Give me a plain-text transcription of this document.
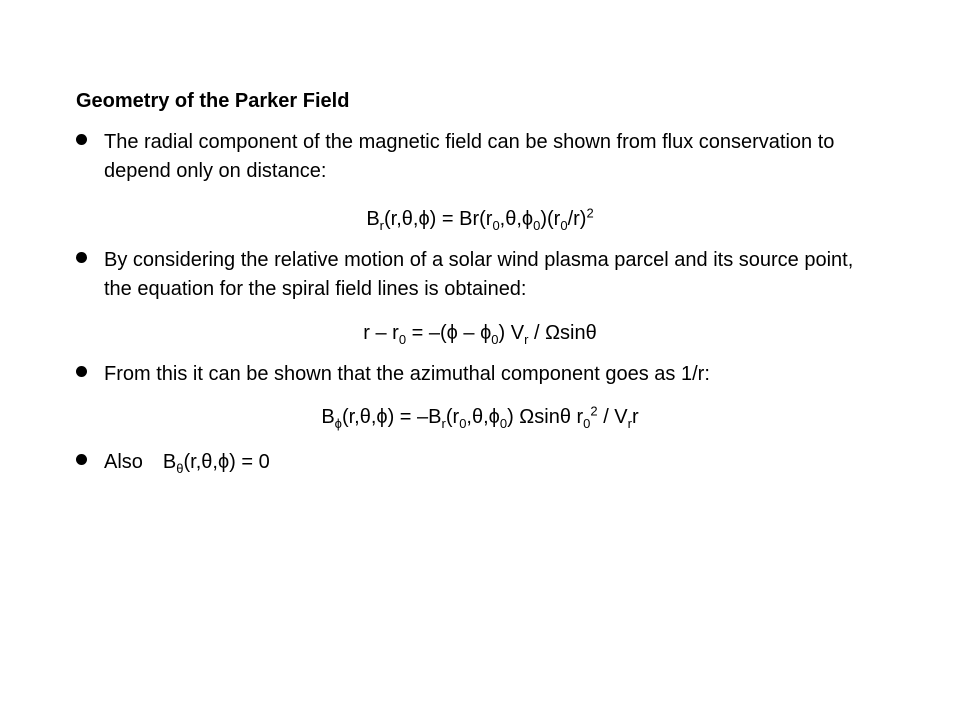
Geometry of the Parker Field
The radial component of the magnetic field can be shown from flux conservation to depend only on distance:
$B_r(r,\theta,\phi) = Br(r_0,\theta,\phi_0)(r_0/r)^2$
By considering the relative motion of a solar wind plasma parcel and its source point, the equation for the spiral field lines is obtained:
$r - r_0 = -(\phi - \phi_0)$ $V_r$ / Ωsinθ
From this it can be shown that the azimuthal component goes as 1/r:
$B_\phi(r,\theta,\phi) = -B_r(r_0,\theta,\phi_0)$ Ωsinθ $r_0^2 / V_rr$
Also $B_\theta(r,\theta,\phi) = 0$
